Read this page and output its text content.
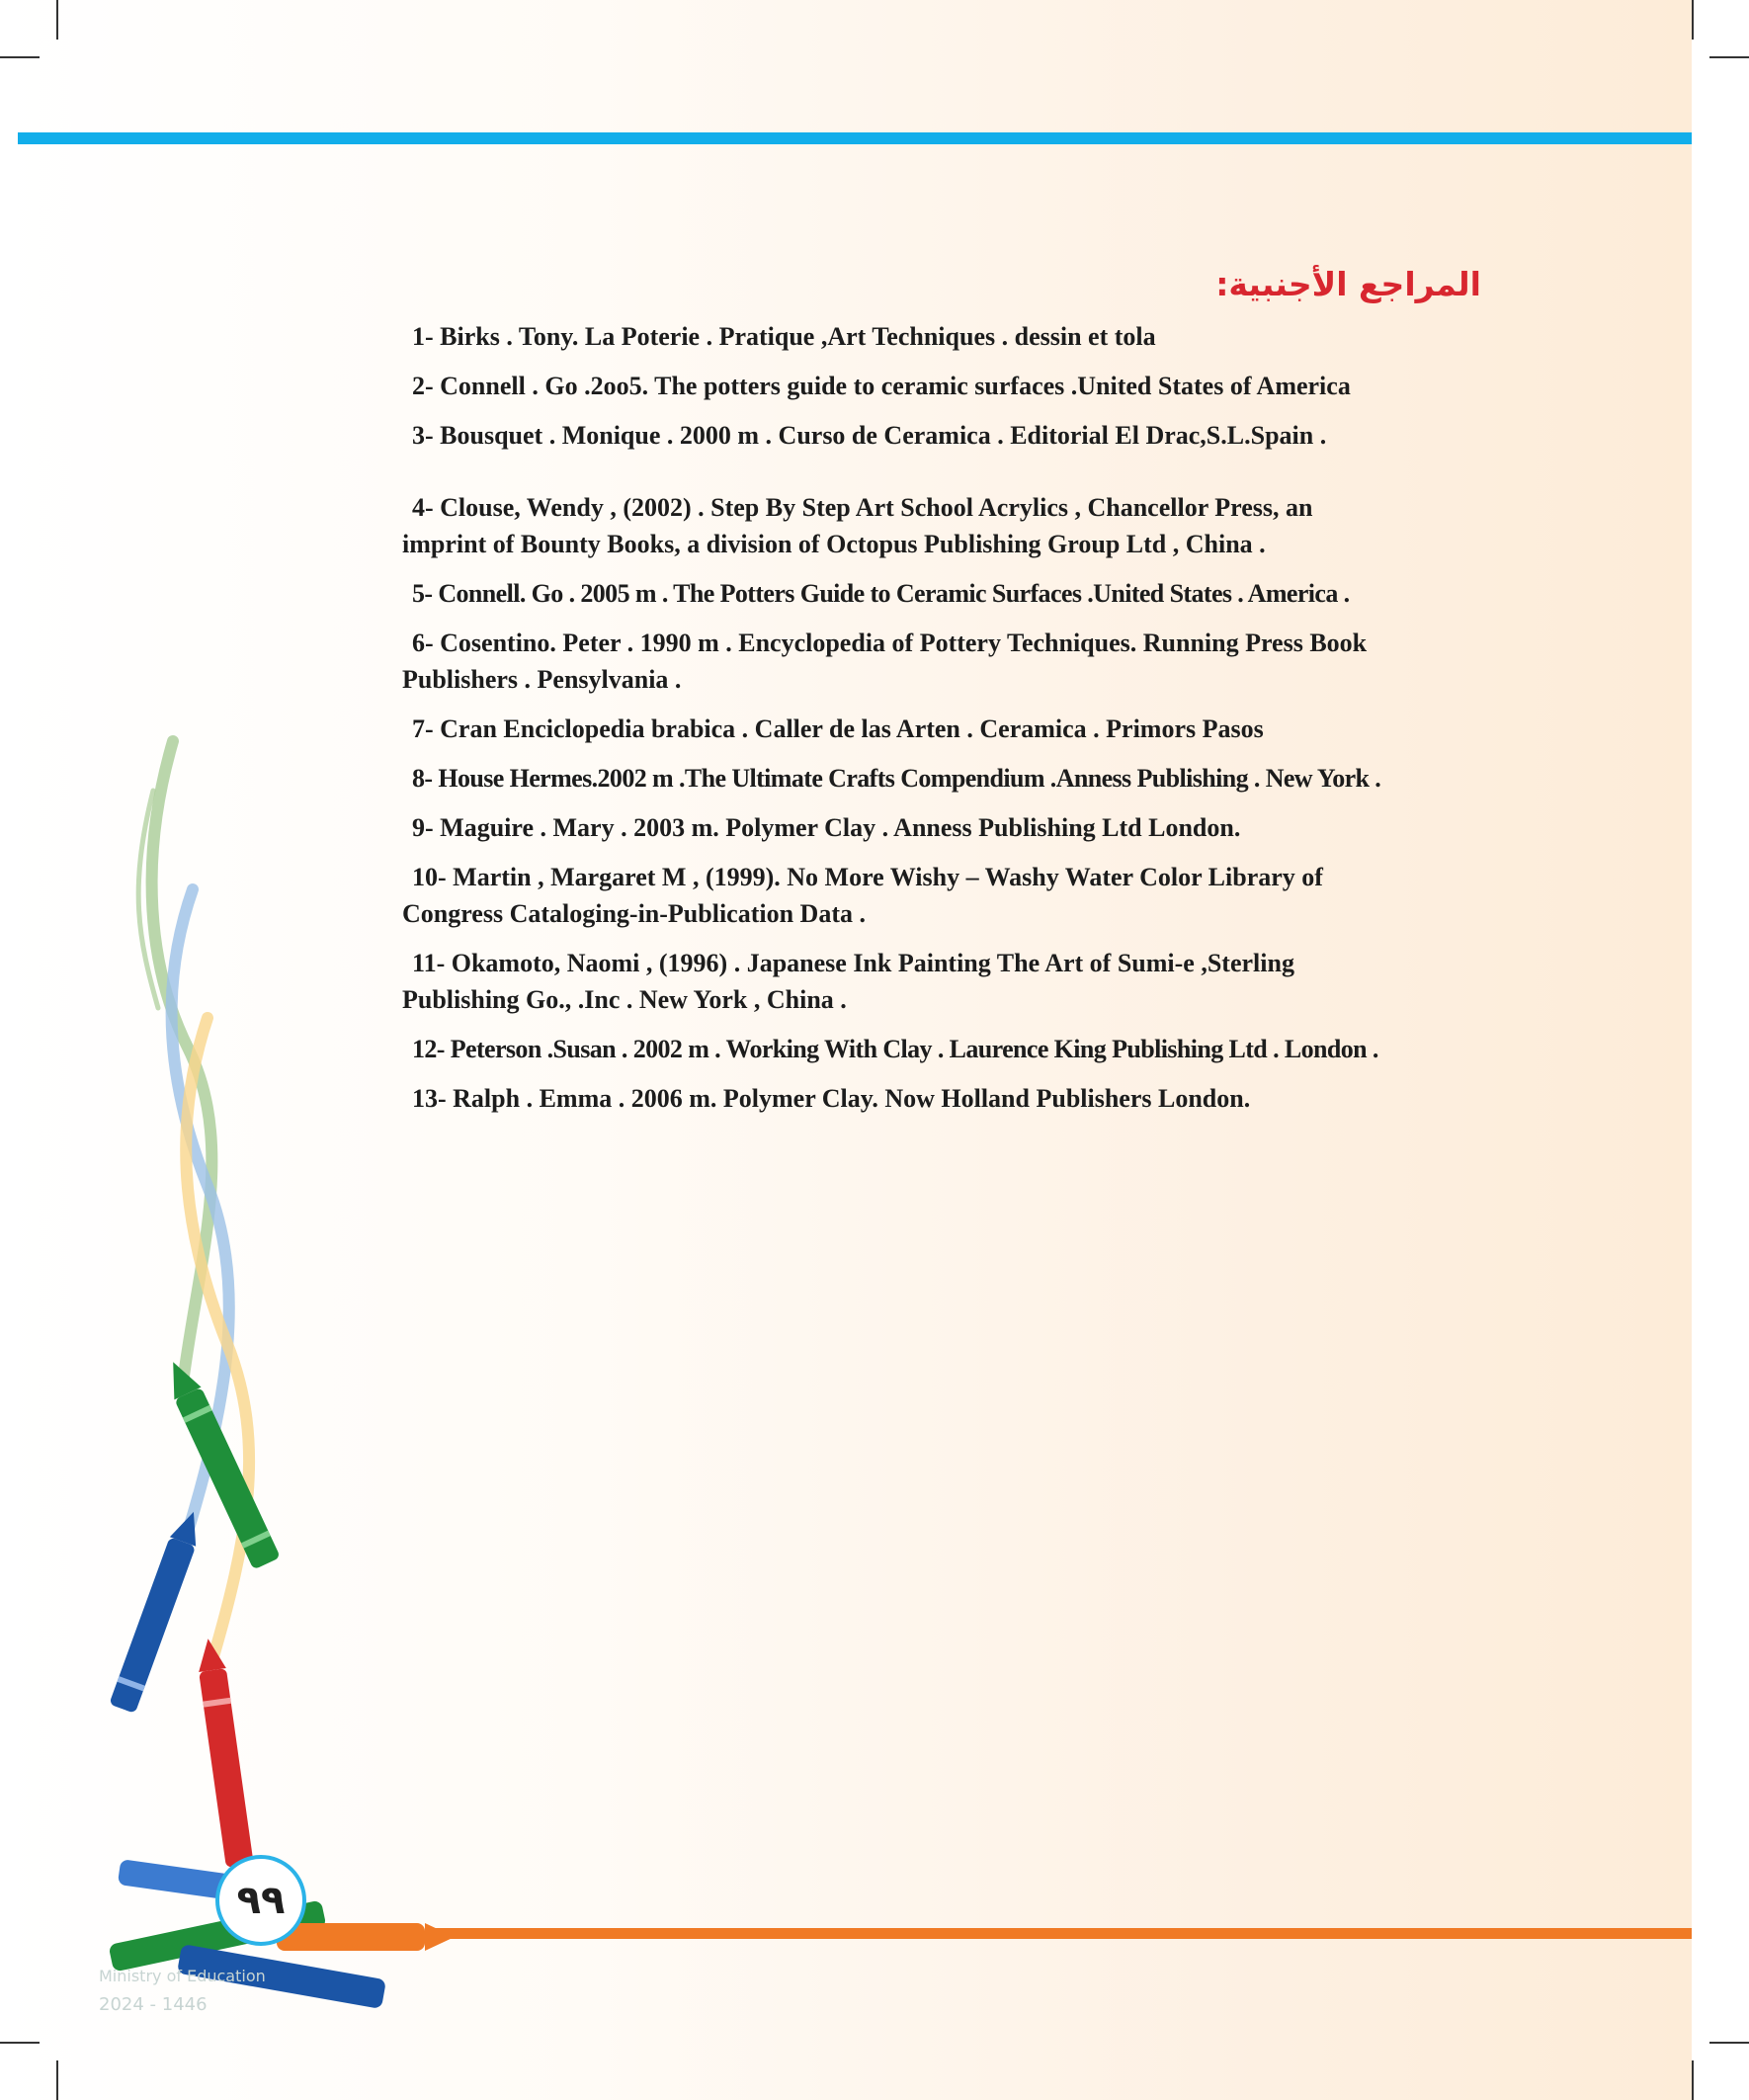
المراجع الأجنبية:
1- Birks . Tony. La Poterie . Pratique ,Art Techniques . dessin et tola
2- Connell . Go .2oo5. The potters guide to ceramic surfaces .United States of America
3- Bousquet . Monique . 2000 m . Curso de Ceramica . Editorial El Drac,S.L.Spain .
4- Clouse, Wendy , (2002) . Step By Step Art School Acrylics , Chancellor Press, an
imprint of Bounty Books, a division of Octopus Publishing Group Ltd , China .
5- Connell. Go . 2005 m . The Potters Guide to Ceramic Surfaces .United States . America .
6- Cosentino. Peter . 1990 m . Encyclopedia of Pottery Techniques. Running Press Book
Publishers . Pensylvania .
7- Cran Enciclopedia brabica . Caller de las Arten . Ceramica . Primors Pasos
8- House Hermes.2002 m .The Ultimate Crafts Compendium .Anness Publishing . New York .
9- Maguire . Mary . 2003 m. Polymer Clay . Anness Publishing Ltd London.
10- Martin , Margaret M , (1999). No More Wishy – Washy Water Color Library of
Congress Cataloging-in-Publication Data .
11- Okamoto, Naomi , (1996) . Japanese Ink Painting The Art of Sumi-e ,Sterling
Publishing Go., .Inc . New York , China .
12- Peterson .Susan . 2002 m . Working With Clay . Laurence King Publishing Ltd . London .
13- Ralph . Emma . 2006 m. Polymer Clay. Now Holland Publishers London.
٩٩
Ministry of Education
2024 - 1446
